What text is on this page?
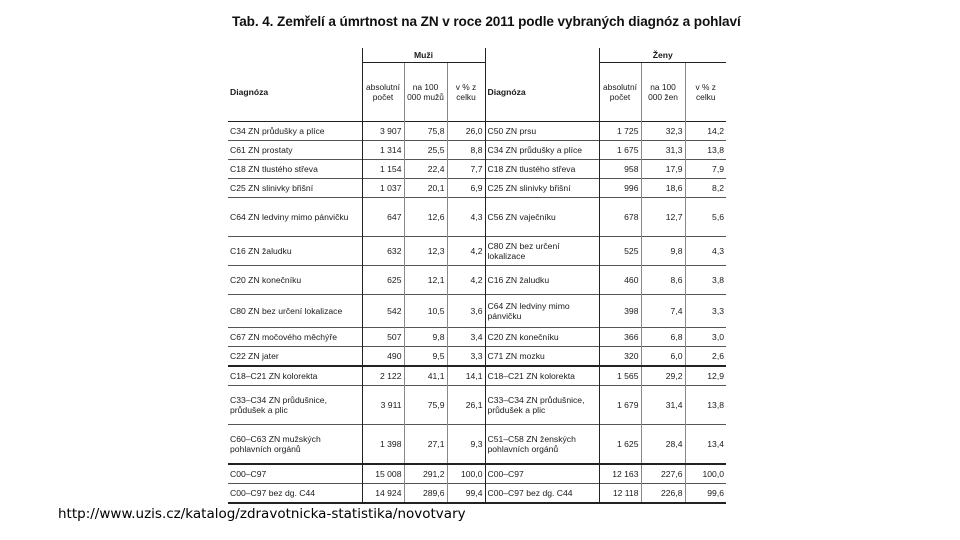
Tab. 4. Zemřelí a úmrtnost na ZN v roce 2011 podle vybraných diagnóz a pohlaví
	Muži				Ženy		
Diagnóza	absolutní počet	na 100 000 mužů	v % z celku	Diagnóza	absolutní počet	na 100 000 žen	v % z celku
C34 ZN průdušky a plíce	3 907	75,8	26,0	C50 ZN prsu	1 725	32,3	14,2
C61 ZN prostaty	1 314	25,5	8,8	C34 ZN průdušky a plíce	1 675	31,3	13,8
C18 ZN tlustého střeva	1 154	22,4	7,7	C18 ZN tlustého střeva	958	17,9	7,9
C25 ZN slinivky břišní	1 037	20,1	6,9	C25 ZN slinivky břišní	996	18,6	8,2
C64 ZN ledviny mimo pánvičku	647	12,6	4,3	C56 ZN vaječníku	678	12,7	5,6
C16 ZN žaludku	632	12,3	4,2	C80 ZN bez určení lokalizace	525	9,8	4,3
C20 ZN konečníku	625	12,1	4,2	C16 ZN žaludku	460	8,6	3,8
C80 ZN bez určení lokalizace	542	10,5	3,6	C64 ZN ledviny mimo pánvičku	398	7,4	3,3
C67 ZN močového měchýře	507	9,8	3,4	C20 ZN konečníku	366	6,8	3,0
C22 ZN jater	490	9,5	3,3	C71 ZN mozku	320	6,0	2,6
C18–C21 ZN kolorekta	2 122	41,1	14,1	C18–C21 ZN kolorekta	1 565	29,2	12,9
C33–C34 ZN průdušnice, průdušek a plic	3 911	75,9	26,1	C33–C34 ZN průdušnice, průdušek a plic	1 679	31,4	13,8
C60–C63 ZN mužských pohlavních orgánů	1 398	27,1	9,3	C51–C58 ZN ženských pohlavních orgánů	1 625	28,4	13,4
C00–C97	15 008	291,2	100,0	C00–C97	12 163	227,6	100,0
C00–C97 bez dg. C44	14 924	289,6	99,4	C00–C97 bez dg. C44	12 118	226,8	99,6
http://www.uzis.cz/katalog/zdravotnicka-statistika/novotvary
